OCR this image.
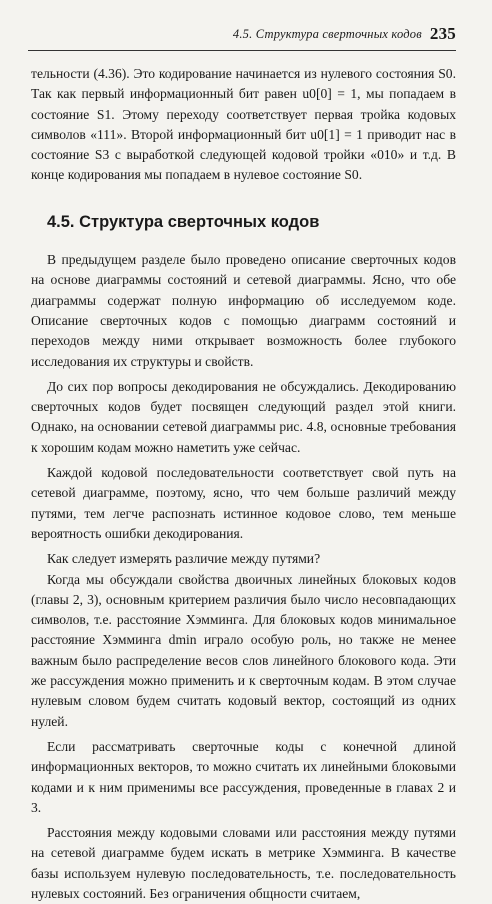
4.5. Структура сверточных кодов 235

тельности (4.36). Это кодирование начинается из нулевого состояния S0. Так как первый информационный бит равен u0[0] = 1, мы попадаем в состояние S1. Этому переходу соответствует первая тройка кодовых символов «111». Второй информационный бит u0[1] = 1 приводит нас в состояние S3 с выработкой следующей кодовой тройки «010» и т.д. В конце кодирования мы попадаем в нулевое состояние S0.

4.5. Структура сверточных кодов

В предыдущем разделе было проведено описание сверточных кодов на основе диаграммы состояний и сетевой диаграммы. Ясно, что обе диаграммы содержат полную информацию об исследуемом коде. Описание сверточных кодов с помощью диаграмм состояний и переходов между ними открывает возможность более глубокого исследования их структуры и свойств.

До сих пор вопросы декодирования не обсуждались. Декодированию сверточных кодов будет посвящен следующий раздел этой книги. Однако, на основании сетевой диаграммы рис. 4.8, основные требования к хорошим кодам можно наметить уже сейчас.

Каждой кодовой последовательности соответствует свой путь на сетевой диаграмме, поэтому, ясно, что чем больше различий между путями, тем легче распознать истинное кодовое слово, тем меньше вероятность ошибки декодирования.

Как следует измерять различие между путями?

Когда мы обсуждали свойства двоичных линейных блоковых кодов (главы 2, 3), основным критерием различия было число несовпадающих символов, т.е. расстояние Хэмминга. Для блоковых кодов минимальное расстояние Хэмминга dmin играло особую роль, но также не менее важным было распределение весов слов линейного блокового кода. Эти же рассуждения можно применить и к сверточным кодам. В этом случае нулевым словом будем считать кодовый вектор, состоящий из одних нулей.

Если рассматривать сверточные коды с конечной длиной информационных векторов, то можно считать их линейными блоковыми кодами и к ним применимы все рассуждения, проведенные в главах 2 и 3.

Расстояния между кодовыми словами или расстояния между путями на сетевой диаграмме будем искать в метрике Хэмминга. В качестве базы используем нулевую последовательность, т.е. последовательность нулевых состояний. Без ограничения общности считаем,
